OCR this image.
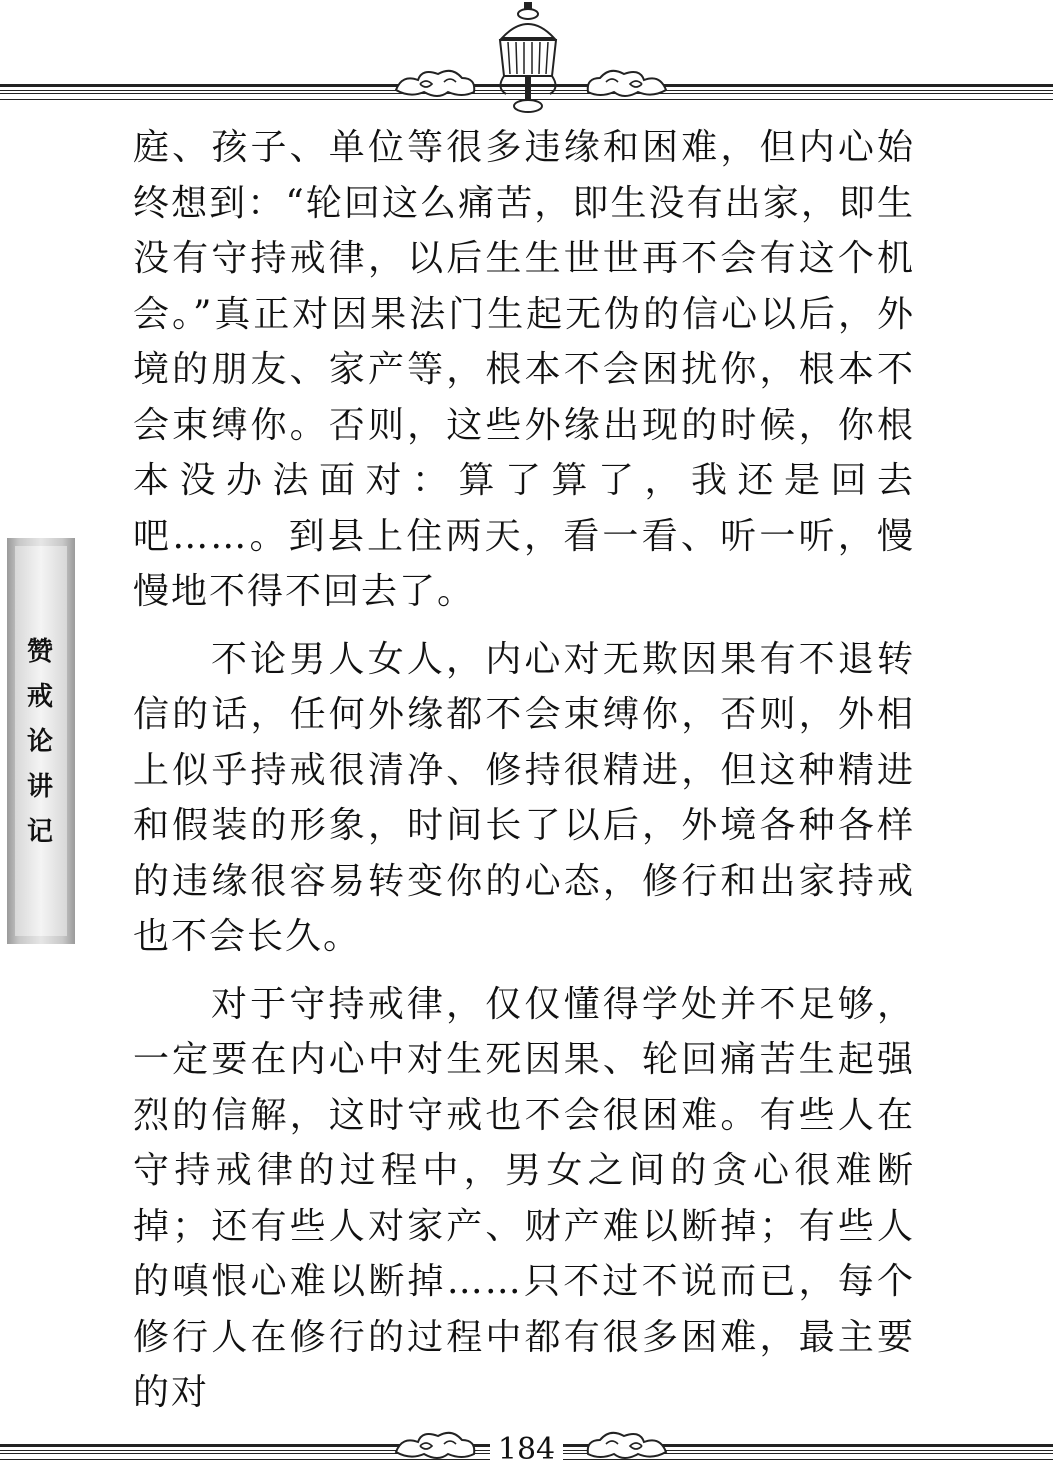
赞
戒
论
讲
记

庭、孩子、单位等很多违缘和困难，但内心始终想到：“轮回这么痛苦，即生没有出家，即生没有守持戒律，以后生生世世再不会有这个机会。”真正对因果法门生起无伪的信心以后，外境的朋友、家产等，根本不会困扰你，根本不会束缚你。否则，这些外缘出现的时候，你根本没办法面对：算了算了，我还是回去吧……。到县上住两天，看一看、听一听，慢慢地不得不回去了。

不论男人女人，内心对无欺因果有不退转信的话，任何外缘都不会束缚你，否则，外相上似乎持戒很清净、修持很精进，但这种精进和假装的形象，时间长了以后，外境各种各样的违缘很容易转变你的心态，修行和出家持戒也不会长久。

对于守持戒律，仅仅懂得学处并不足够，一定要在内心中对生死因果、轮回痛苦生起强烈的信解，这时守戒也不会很困难。有些人在守持戒律的过程中，男女之间的贪心很难断掉；还有些人对家产、财产难以断掉；有些人的嗔恨心难以断掉……只不过不说而已，每个修行人在修行的过程中都有很多困难，最主要的对

184
